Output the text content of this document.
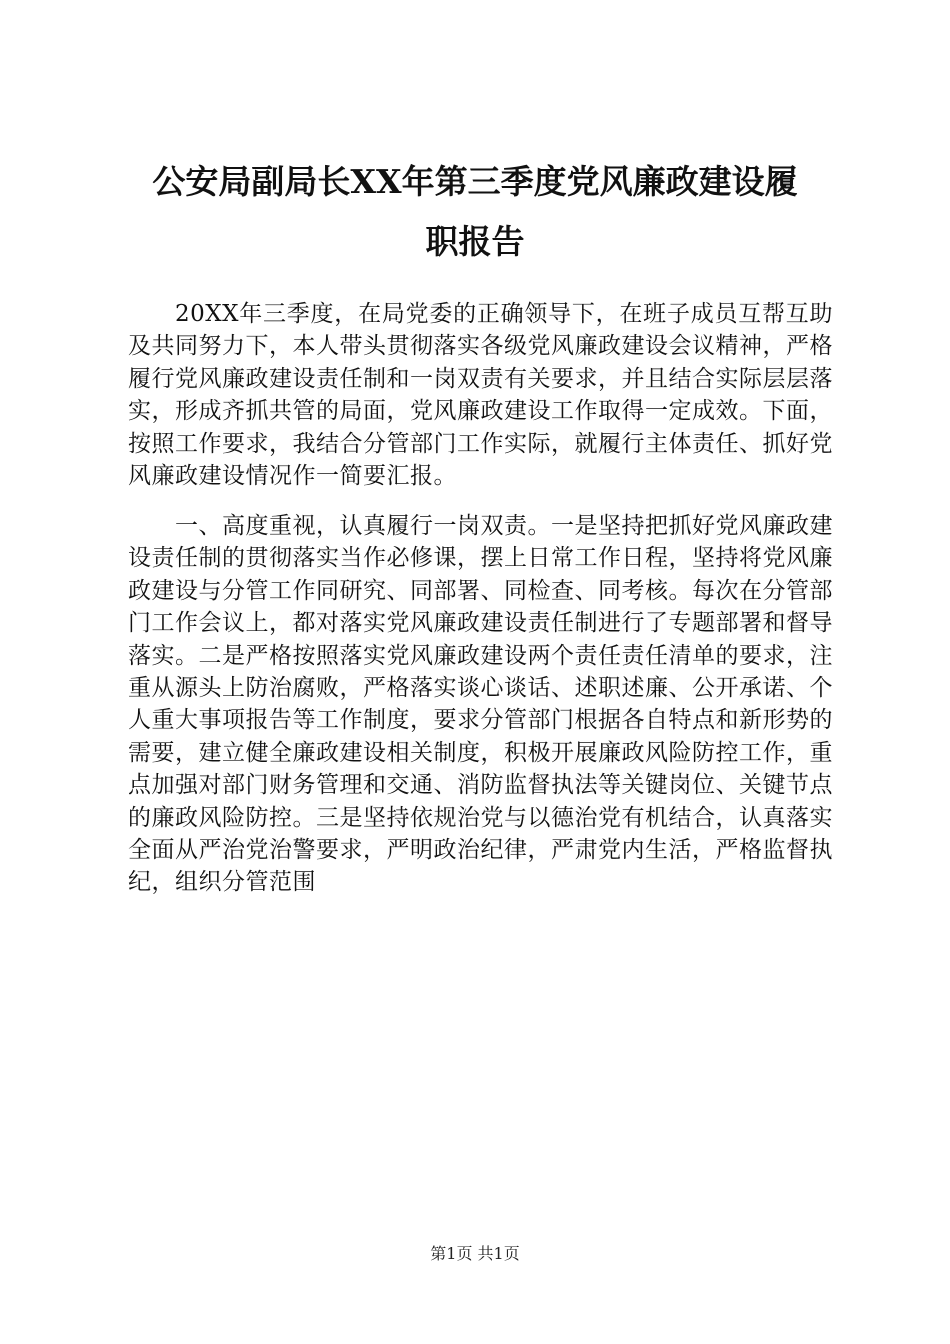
公安局副局长XX年第三季度党风廉政建设履
职报告

20XX年三季度，在局党委的正确领导下，在班子成员互帮互助及共同努力下，本人带头贯彻落实各级党风廉政建设会议精神，严格履行党风廉政建设责任制和一岗双责有关要求，并且结合实际层层落实，形成齐抓共管的局面，党风廉政建设工作取得一定成效。下面，按照工作要求，我结合分管部门工作实际，就履行主体责任、抓好党风廉政建设情况作一简要汇报。

一、高度重视，认真履行一岗双责。一是坚持把抓好党风廉政建设责任制的贯彻落实当作必修课，摆上日常工作日程，坚持将党风廉政建设与分管工作同研究、同部署、同检查、同考核。每次在分管部门工作会议上，都对落实党风廉政建设责任制进行了专题部署和督导落实。二是严格按照落实党风廉政建设两个责任责任清单的要求，注重从源头上防治腐败，严格落实谈心谈话、述职述廉、公开承诺、个人重大事项报告等工作制度，要求分管部门根据各自特点和新形势的需要，建立健全廉政建设相关制度，积极开展廉政风险防控工作，重点加强对部门财务管理和交通、消防监督执法等关键岗位、关键节点的廉政风险防控。三是坚持依规治党与以德治党有机结合，认真落实全面从严治党治警要求，严明政治纪律，严肃党内生活，严格监督执纪，组织分管范围

第1页 共1页
